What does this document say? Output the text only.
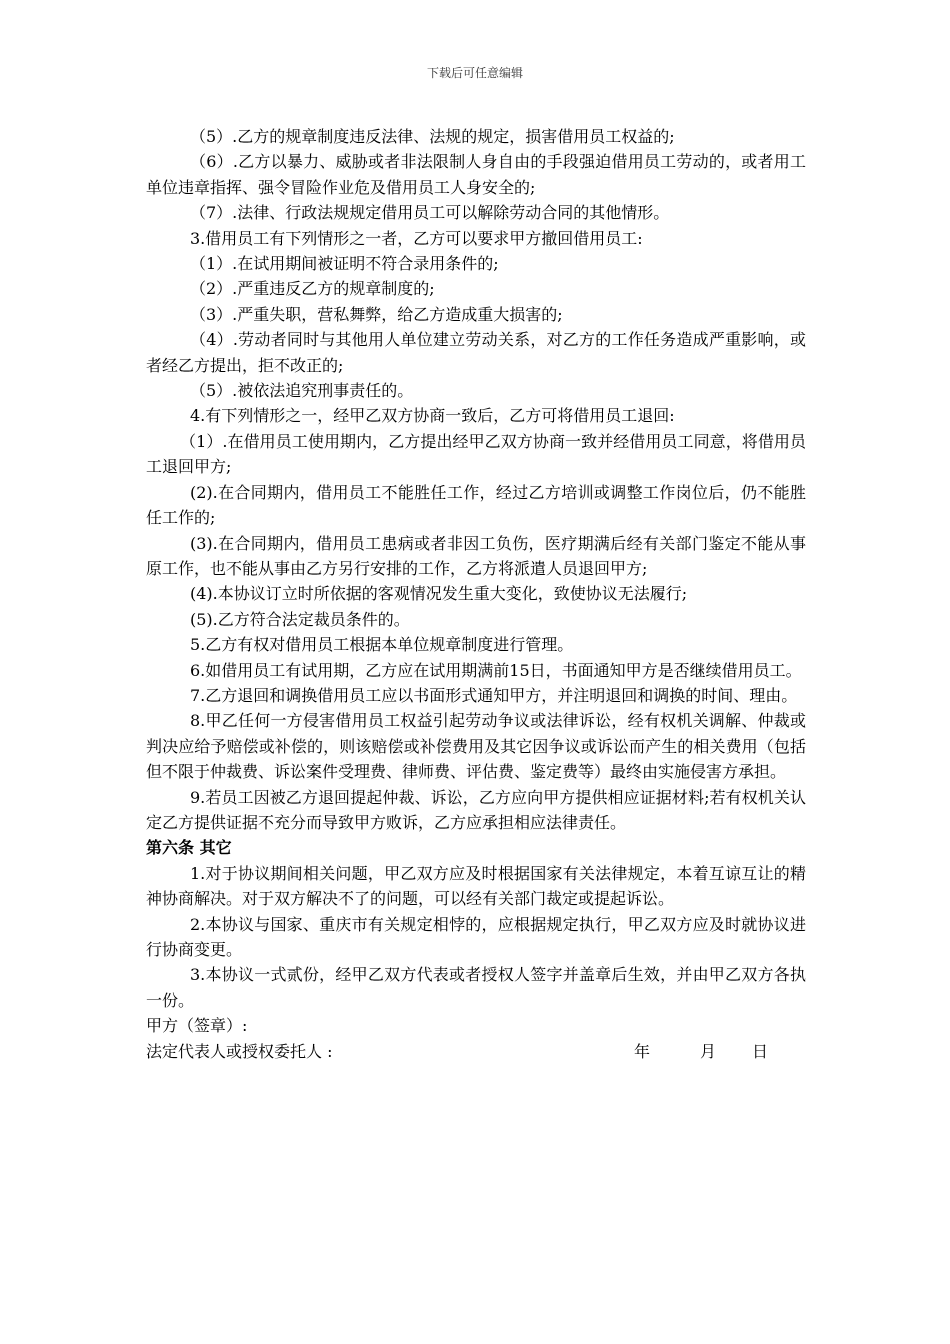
下载后可任意编辑

（5）.乙方的规章制度违反法律、法规的规定，损害借用员工权益的;

（6）.乙方以暴力、威胁或者非法限制人身自由的手段强迫借用员工劳动的，或者用工单位违章指挥、强令冒险作业危及借用员工人身安全的;

（7）.法律、行政法规规定借用员工可以解除劳动合同的其他情形。

3.借用员工有下列情形之一者，乙方可以要求甲方撤回借用员工:

（1）.在试用期间被证明不符合录用条件的;

（2）.严重违反乙方的规章制度的;

（3）.严重失职，营私舞弊，给乙方造成重大损害的;

（4）.劳动者同时与其他用人单位建立劳动关系，对乙方的工作任务造成严重影响，或者经乙方提出，拒不改正的;

（5）.被依法追究刑事责任的。

4.有下列情形之一，经甲乙双方协商一致后，乙方可将借用员工退回:

（1）.在借用员工使用期内，乙方提出经甲乙双方协商一致并经借用员工同意，将借用员工退回甲方;

(2).在合同期内，借用员工不能胜任工作，经过乙方培训或调整工作岗位后，仍不能胜任工作的;

(3).在合同期内，借用员工患病或者非因工负伤，医疗期满后经有关部门鉴定不能从事原工作，也不能从事由乙方另行安排的工作，乙方将派遣人员退回甲方;

(4).本协议订立时所依据的客观情况发生重大变化，致使协议无法履行;

(5).乙方符合法定裁员条件的。

5.乙方有权对借用员工根据本单位规章制度进行管理。

6.如借用员工有试用期，乙方应在试用期满前15日，书面通知甲方是否继续借用员工。

7.乙方退回和调换借用员工应以书面形式通知甲方，并注明退回和调换的时间、理由。

8.甲乙任何一方侵害借用员工权益引起劳动争议或法律诉讼，经有权机关调解、仲裁或判决应给予赔偿或补偿的，则该赔偿或补偿费用及其它因争议或诉讼而产生的相关费用（包括但不限于仲裁费、诉讼案件受理费、律师费、评估费、鉴定费等）最终由实施侵害方承担。

9.若员工因被乙方退回提起仲裁、诉讼，乙方应向甲方提供相应证据材料;若有权机关认定乙方提供证据不充分而导致甲方败诉，乙方应承担相应法律责任。

第六条 其它

1.对于协议期间相关问题，甲乙双方应及时根据国家有关法律规定，本着互谅互让的精神协商解决。对于双方解决不了的问题，可以经有关部门裁定或提起诉讼。

2.本协议与国家、重庆市有关规定相悖的，应根据规定执行，甲乙双方应及时就协议进行协商变更。

3.本协议一式贰份，经甲乙双方代表或者授权人签字并盖章后生效，并由甲乙双方各执一份。

甲方（签章）:

法定代表人或授权委托人 :	年	月 日
